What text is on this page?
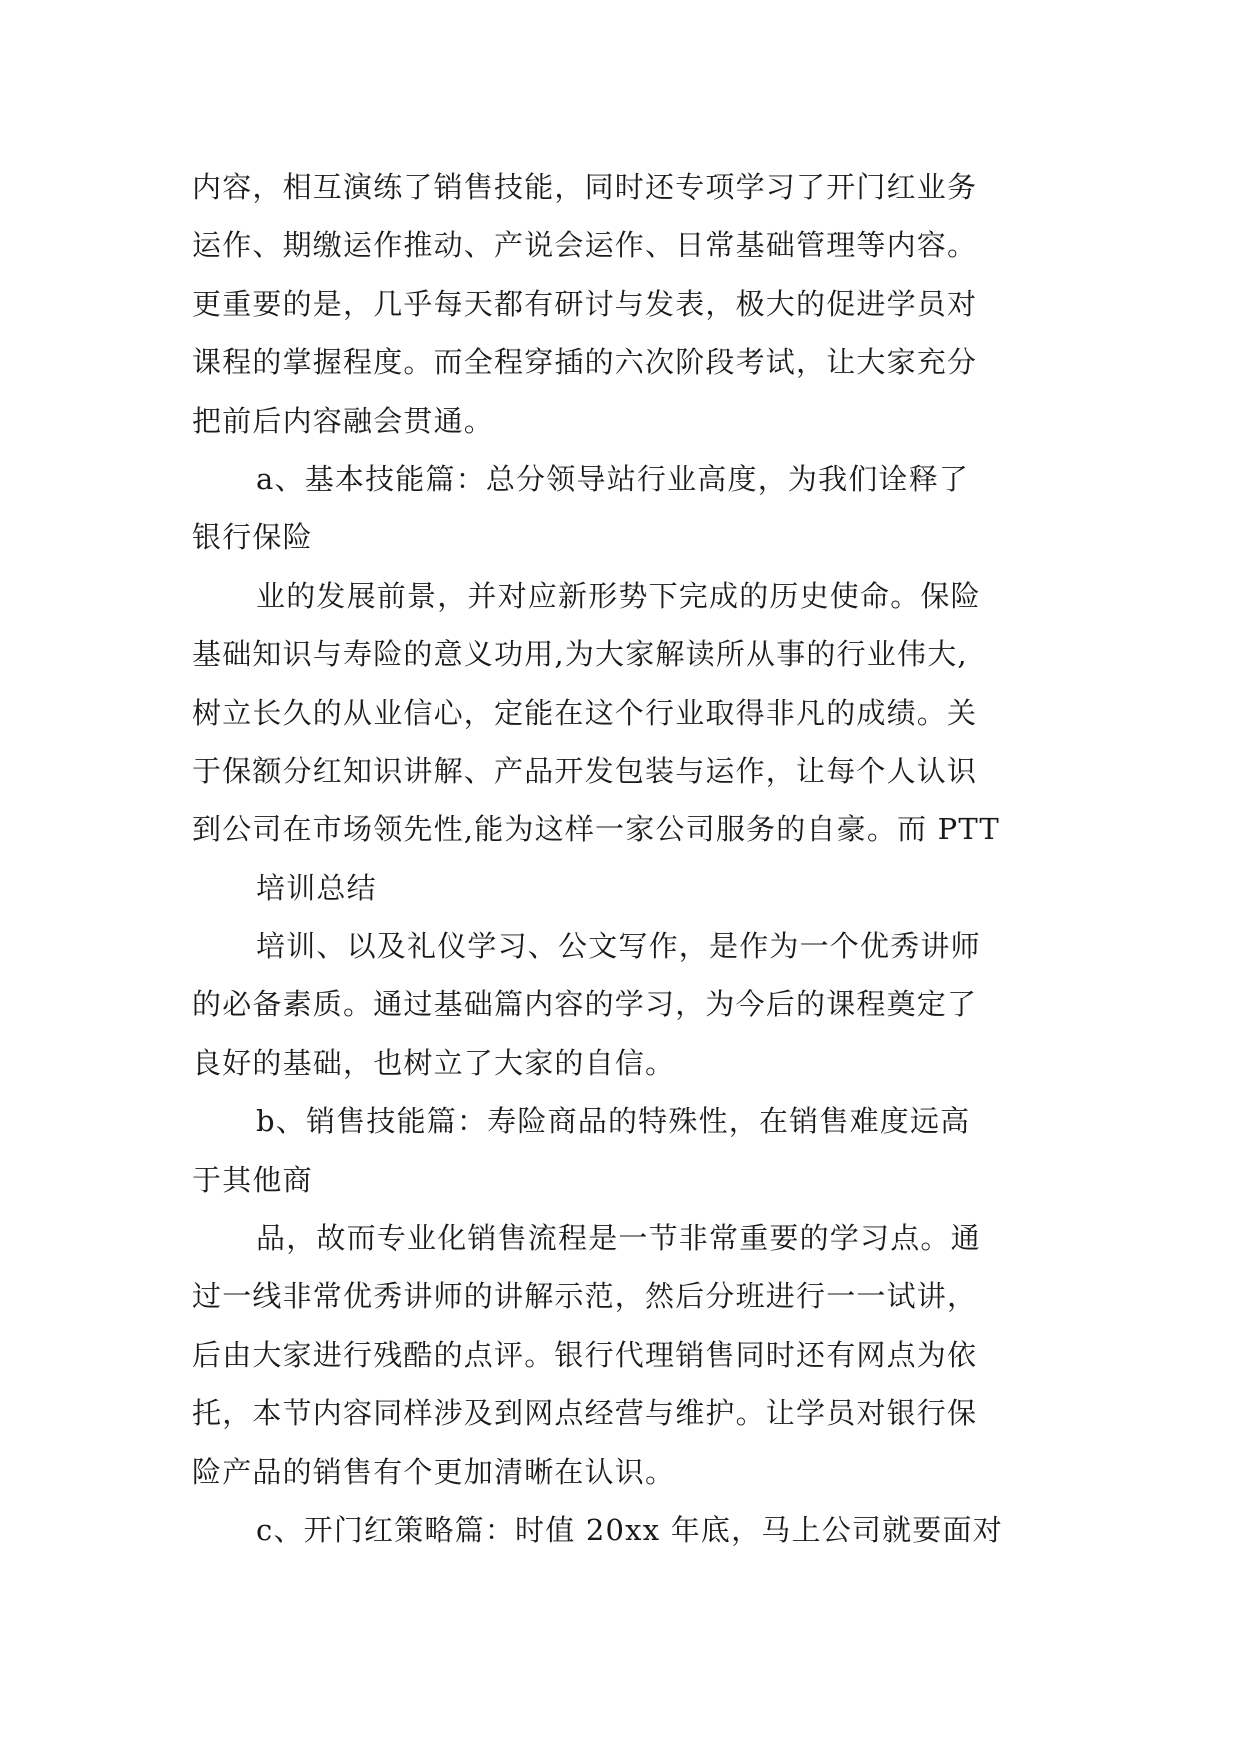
内容，相互演练了销售技能，同时还专项学习了开门红业务
运作、期缴运作推动、产说会运作、日常基础管理等内容。
更重要的是，几乎每天都有研讨与发表，极大的促进学员对
课程的掌握程度。而全程穿插的六次阶段考试，让大家充分
把前后内容融会贯通。
a、基本技能篇：总分领导站行业高度，为我们诠释了
银行保险
业的发展前景，并对应新形势下完成的历史使命。保险
基础知识与寿险的意义功用,为大家解读所从事的行业伟大,
树立长久的从业信心，定能在这个行业取得非凡的成绩。关
于保额分红知识讲解、产品开发包装与运作，让每个人认识
到公司在市场领先性,能为这样一家公司服务的自豪。而 PTT
培训总结
培训、以及礼仪学习、公文写作，是作为一个优秀讲师
的必备素质。通过基础篇内容的学习，为今后的课程奠定了
良好的基础，也树立了大家的自信。
b、销售技能篇：寿险商品的特殊性，在销售难度远高
于其他商
品，故而专业化销售流程是一节非常重要的学习点。通
过一线非常优秀讲师的讲解示范，然后分班进行一一试讲，
后由大家进行残酷的点评。银行代理销售同时还有网点为依
托，本节内容同样涉及到网点经营与维护。让学员对银行保
险产品的销售有个更加清晰在认识。
c、开门红策略篇：时值 20xx 年底，马上公司就要面对
